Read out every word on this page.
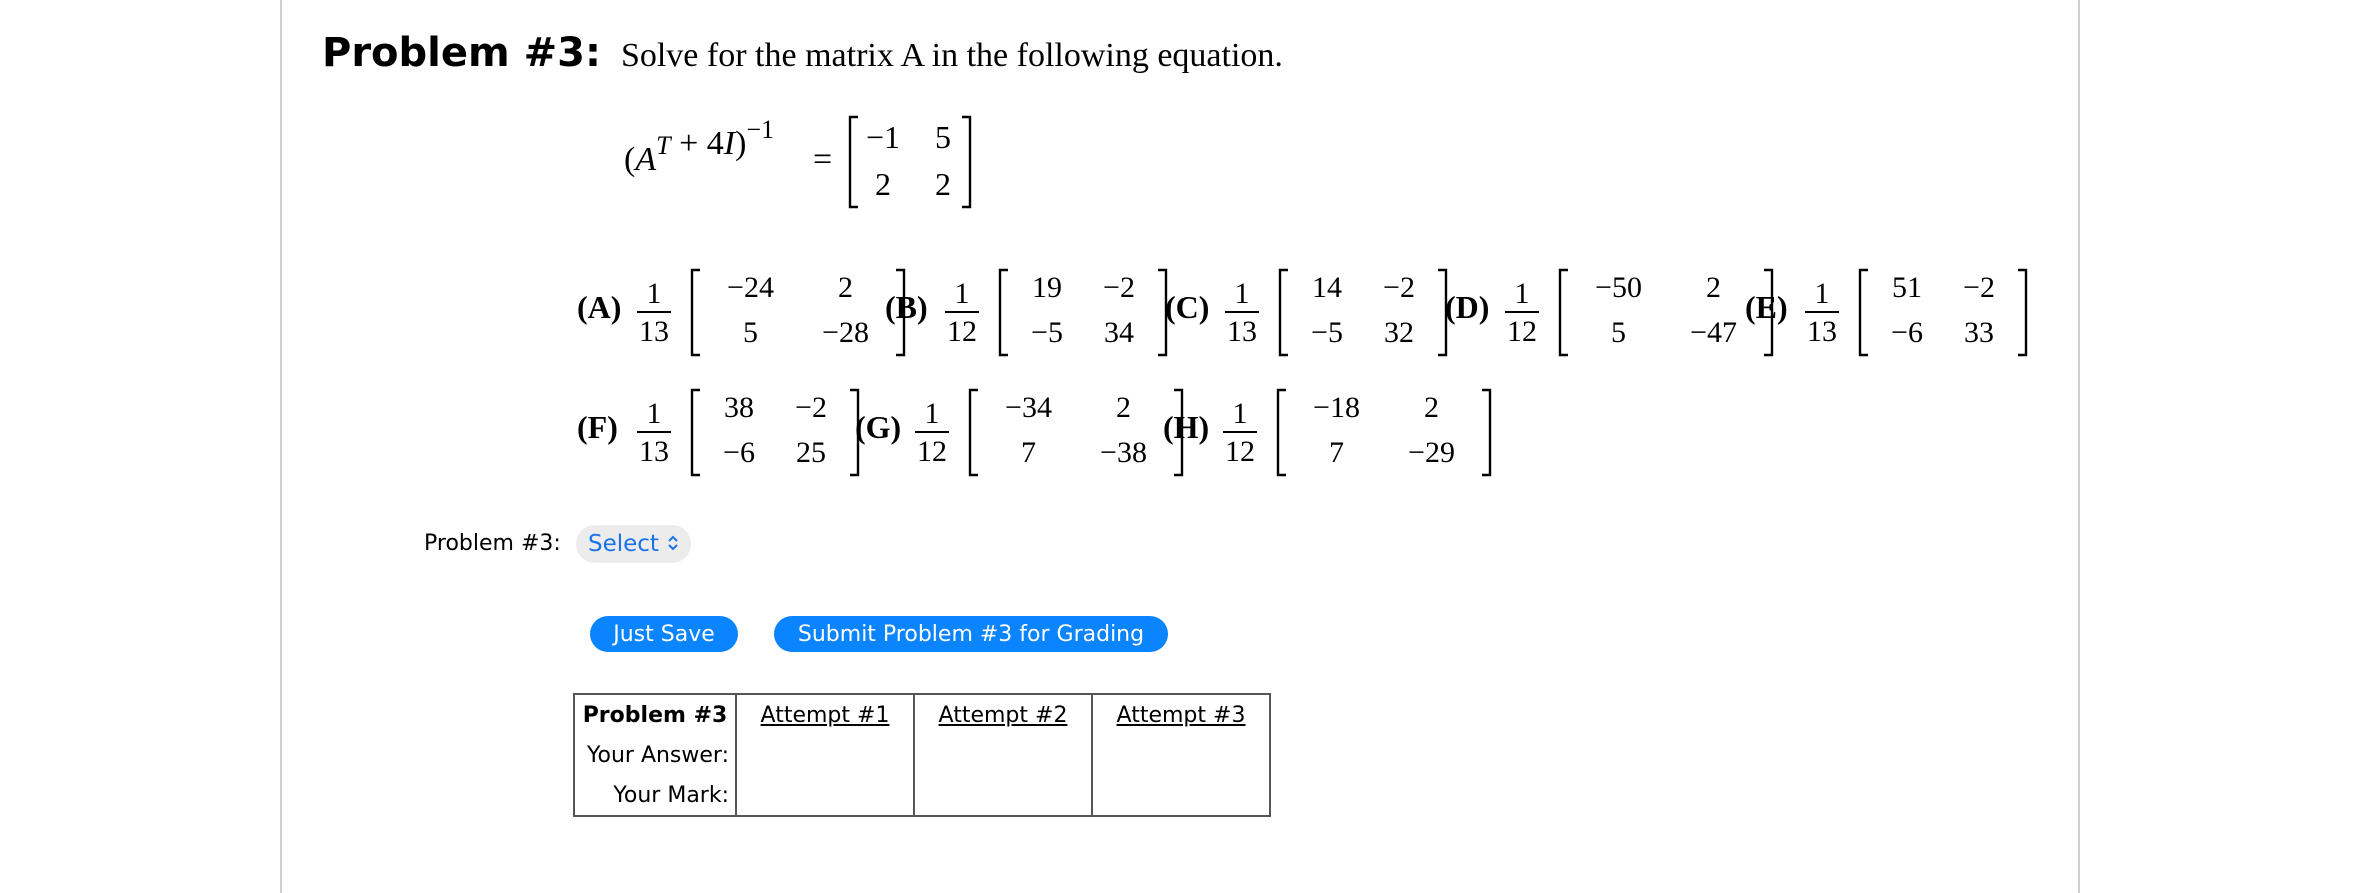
Problem #3: Solve for the matrix A in the following equation.
$(A^T + 4I)^{-1}$
=
−1 5
2 2
(A) 1
13
−24 2
5 −28
(B) 1
12
19 −2
−5 34
(C) 1
13
14 −2
−5 32
(D) 1
12
−50 2
5 −47
(E) 1
13
51 −2
−6 33
(F) 1
13
38 −2
−6 25
(G) 1
12
−34 2
7 −38
(H) 1
12
−18 2
7 −29
Problem #3: Select
Just Save	Submit Problem #3 for Grading
Problem #3	Attempt #1	Attempt #2	Attempt #3
Your Answer:			
Your Mark:			
